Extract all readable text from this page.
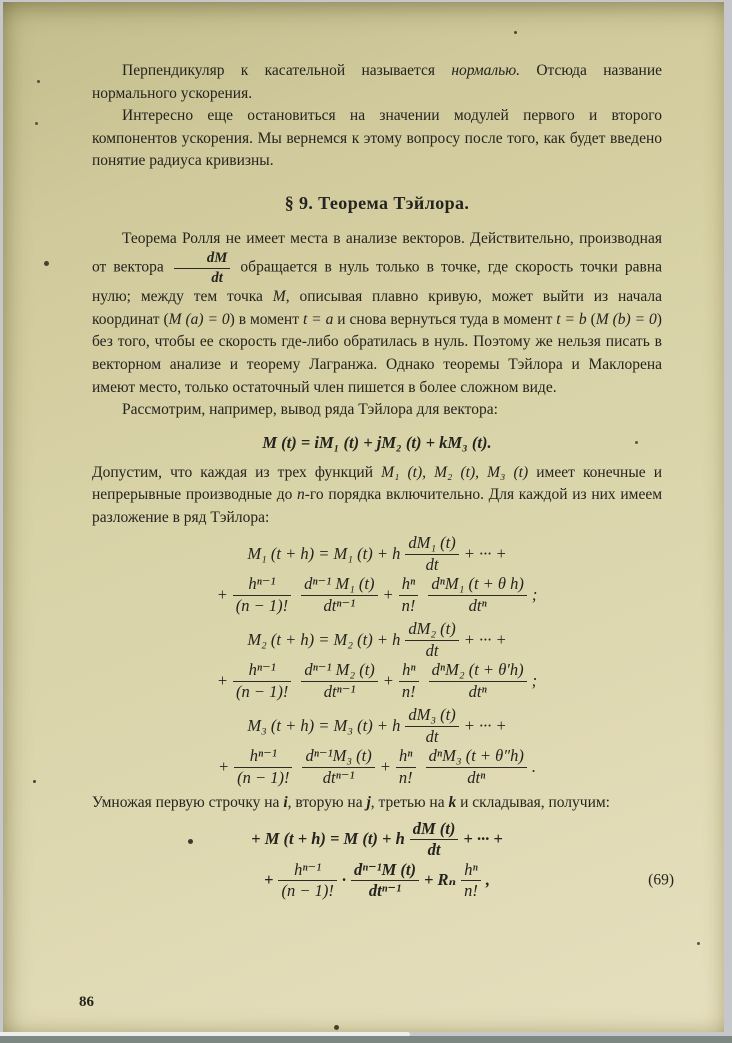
Перпендикуляр к касательной называется нормалью. Отсюда название нормального ускорения.

Интересно еще остановиться на значении модулей первого и второго компонентов ускорения. Мы вернемся к этому вопросу после того, как будет введено понятие радиуса кривизны.

§ 9. Теорема Тэйлора.

Теорема Ролля не имеет места в анализе векторов. Действительно, производная от вектора $\frac{dM}{dt}$ обращается в нуль только в точке, где скорость точки равна нулю; между тем точка M, описывая плавно кривую, может выйти из начала координат (M (a) = 0) в момент t = a и снова вернуться туда в момент t = b (M (b) = 0) без того, чтобы ее скорость где-либо обратилась в нуль. Поэтому же нельзя писать в векторном анализе и теорему Лагранжа. Однако теоремы Тэйлора и Маклорена имеют место, только остаточный член пишется в более сложном виде.

Рассмотрим, например, вывод ряда Тэйлора для вектора:

M (t) = iM₁ (t) + jM₂ (t) + kM₃ (t).

Допустим, что каждая из трех функций M₁ (t), M₂ (t), M₃ (t) имеет конечные и непрерывные производные до n-го порядка включительно. Для каждой из них имеем разложение в ряд Тэйлора:

M₁ (t + h) = M₁ (t) + h $\frac{\text{dM₁ (t)}}{dt}$ + ··· +
+ $\frac{\text{hⁿ⁻¹}}{(n - 1)!} \frac{\text{dⁿ⁻¹ M₁ (t)}}{\text{dtⁿ⁻¹}} + \frac{\text{hⁿ}}{n!} \frac{\text{dⁿM₁ (t + θ h)}}{\text{dtⁿ}}$ ;
M₂ (t + h) = M₂ (t) + h $\frac{\text{dM₂ (t)}}{dt}$ + ··· +
+ $\frac{\text{hⁿ⁻¹}}{(n - 1)!} \frac{\text{dⁿ⁻¹ M₂ (t)}}{\text{dtⁿ⁻¹}} + \frac{\text{hⁿ}}{n!} \frac{\text{dⁿM₂ (t + θ′h)}}{\text{dtⁿ}}$ ;
M₃ (t + h) = M₃ (t) + h $\frac{\text{dM₃ (t)}}{dt}$ + ··· +
+ $\frac{\text{hⁿ⁻¹}}{(n - 1)!} \frac{\text{dⁿ⁻¹M₃ (t)}}{\text{dtⁿ⁻¹}} + \frac{\text{hⁿ}}{n!} \frac{\text{dⁿM₃ (t + θ″h)}}{\text{dtⁿ}}$ .

Умножая первую строчку на i, вторую на j, третью на k и складывая, получим:

+ M (t + h) = M (t) + h $\frac{dM (t)}{dt}$ + ··· +
(69)
+ $\frac{\text{hⁿ⁻¹}}{(n - 1)!} \cdot \frac{\text{dⁿ⁻¹M (t)}}{\text{dtⁿ⁻¹}} + R_n \frac{\text{hⁿ}}{n!}$ ,
86
